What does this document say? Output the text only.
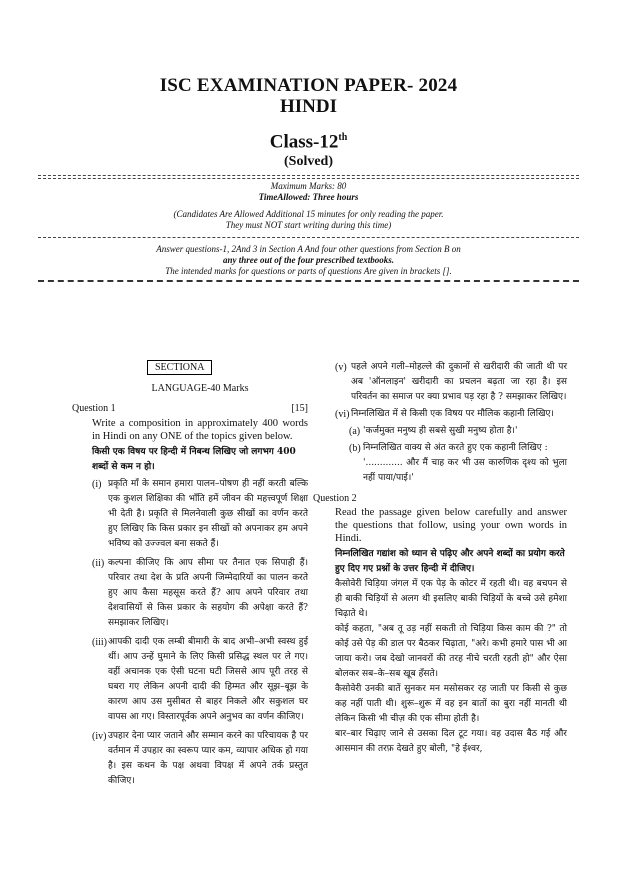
ISC EXAMINATION PAPER- 2024
HINDI
Class-12th
(Solved)
Maximum Marks: 80
TimeAllowed: Three hours
(Candidates Are Allowed Additional 15 minutes for only reading the paper.
They must NOT start writing during this time)
Answer questions-1, 2And 3 in Section A And four other questions from Section B on
any three out of the four prescribed textbooks.
The intended marks for questions or parts of questions Are given in brackets [].
SECTIONA
LANGUAGE-40 Marks
Question 1	[15]
Write a composition in approximately 400 words in Hindi on any ONE of the topics given below.
किसी एक विषय पर हिन्दी में निबन्ध लिखिए जो लगभग 400 शब्दों से कम न हो।
(i) प्रकृति माँ के समान हमारा पालन–पोषण ही नहीं करती बल्कि एक कुशल शिक्षिका की भाँति हमें जीवन की महत्त्वपूर्ण शिक्षा भी देती है। प्रकृति से मिलनेवाली कुछ सीखों का वर्णन करते हुए लिखिए कि किस प्रकार इन सीखों को अपनाकर हम अपने भविष्य को उज्ज्वल बना सकते हैं।
(ii) कल्पना कीजिए कि आप सीमा पर तैनात एक सिपाही हैं। परिवार तथा देश के प्रति अपनी जिम्मेदारियों का पालन करते हुए आप कैसा महसूस करते हैं? आप अपने परिवार तथा देशवासियों से किस प्रकार के सहयोग की अपेक्षा करते हैं? समझाकर लिखिए।
(iii) आपकी दादी एक लम्बी बीमारी के बाद अभी–अभी स्वस्थ हुई थीं। आप उन्हें घुमाने के लिए किसी प्रसिद्ध स्थल पर ले गए। वहीं अचानक एक ऐसी घटना घटी जिससे आप पूरी तरह से घबरा गए लेकिन अपनी दादी की हिम्मत और सूझ–बूझ के कारण आप उस मुसीबत से बाहर निकले और सकुशल घर वापस आ गए। विस्तारपूर्वक अपने अनुभव का वर्णन कीजिए।
(iv) उपहार देना प्यार जताने और सम्मान करने का परिचायक है पर वर्तमान में उपहार का स्वरूप प्यार कम, व्यापार अधिक हो गया है। इस कथन के पक्ष अथवा विपक्ष में अपने तर्क प्रस्तुत कीजिए।
(v) पहले अपने गली–मोहल्ले की दुकानों से खरीदारी की जाती थी पर अब 'ऑनलाइन' खरीदारी का प्रचलन बढ़ता जा रहा है। इस परिवर्तन का समाज पर क्या प्रभाव पड़ रहा है ? समझाकर लिखिए।
(vi) निम्नलिखित में से किसी एक विषय पर मौलिक कहानी लिखिए।
(a) 'कर्जमुक्त मनुष्य ही सबसे सुखी मनुष्य होता है।'
(b) निम्नलिखित वाक्य से अंत करते हुए एक कहानी लिखिए :
'............. और मैं चाह कर भी उस कारुणिक दृश्य को भुला नहीं पाया/पाई।'
Question 2
Read the passage given below carefully and answer the questions that follow, using your own words in Hindi.
निम्नलिखित गद्यांश को ध्यान से पढ़िए और अपने शब्दों का प्रयोग करते हुए दिए गए प्रश्नों के उत्तर हिन्दी में दीजिए।
कैसोवेरी चिड़िया जंगल में एक पेड़ के कोटर में रहती थी। वह बचपन से ही बाकी चिड़ियों से अलग थी इसलिए बाकी चिड़ियों के बच्चे उसे हमेशा चिढ़ाते थे।
कोई कहता, "अब तू उड़ नहीं सकती तो चिड़िया किस काम की ?" तो कोई उसे पेड़ की डाल पर बैठकर चिढ़ाता, "अरे। कभी हमारे पास भी आ जाया करो। जब देखो जानवरों की तरह नीचे चरती रहती हो" और ऐसा बोलकर सब–के–सब खूब हँसते।
कैसोवेरी उनकी बातें सुनकर मन मसोसकर रह जाती पर किसी से कुछ कह नहीं पाती थी। शुरू–शुरू में वह इन बातों का बुरा नहीं मानती थी लेकिन किसी भी चीज़ की एक सीमा होती है।
बार–बार चिढ़ाए जाने से उसका दिल टूट गया। वह उदास बैठ गई और आसमान की तरफ़ देखते हुए बोली, "हे ईश्वर,
